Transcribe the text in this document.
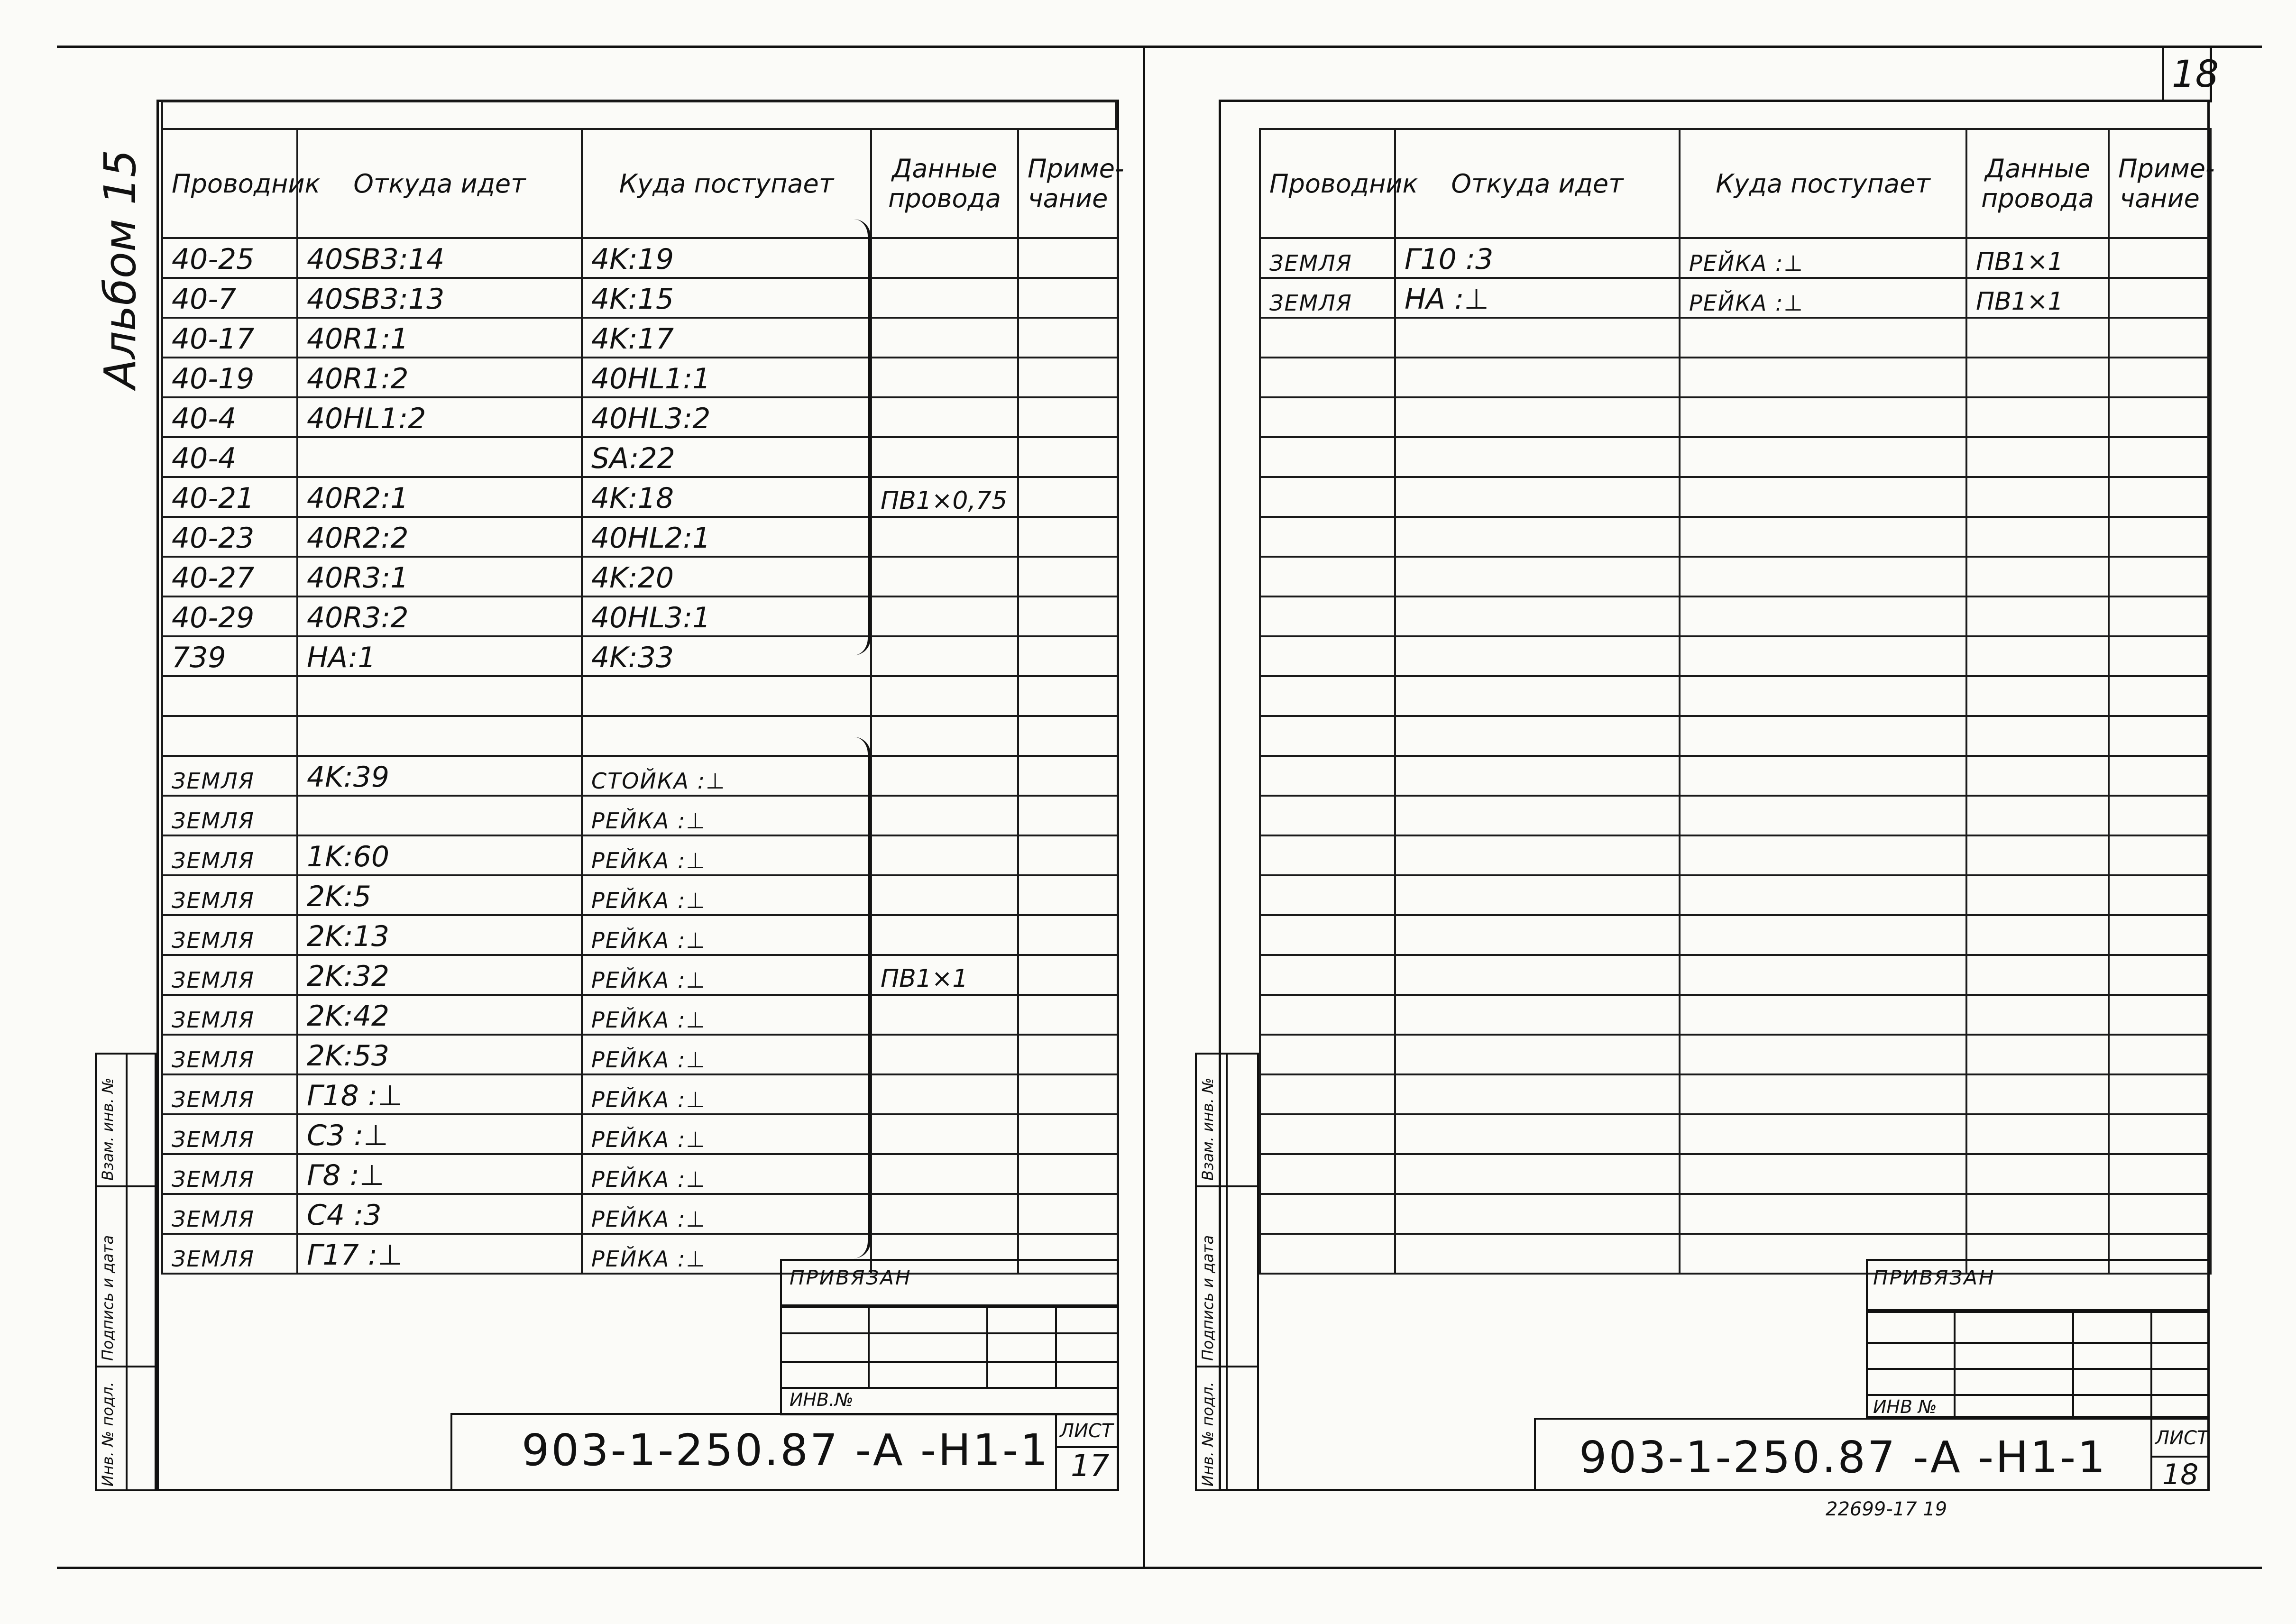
Альбом 15 Проводник	Откуда идет	Куда поступает	Данные
провода	Приме-
чание
40-25	40SB3:14	4K:19		
40-7	40SB3:13	4K:15		
40-17	40R1:1	4K:17		
40-19	40R1:2	40HL1:1		
40-4	40HL1:2	40HL3:2		
40-4		SA:22		
40-21	40R2:1	4K:18	ПВ1×0,75	
40-23	40R2:2	40HL2:1		
40-27	40R3:1	4K:20		
40-29	40R3:2	40HL3:1		
739	HA:1	4K:33		

ЗЕМЛЯ	4K:39	СТОЙКА :⊥		
ЗЕМЛЯ		РЕЙКА :⊥		
ЗЕМЛЯ	1K:60	РЕЙКА :⊥		
ЗЕМЛЯ	2K:5	РЕЙКА :⊥		
ЗЕМЛЯ	2K:13	РЕЙКА :⊥		
ЗЕМЛЯ	2K:32	РЕЙКА :⊥	ПВ1×1	
ЗЕМЛЯ	2K:42	РЕЙКА :⊥		
ЗЕМЛЯ	2K:53	РЕЙКА :⊥		
ЗЕМЛЯ	Г18 :⊥	РЕЙКА :⊥		
ЗЕМЛЯ	C3 :⊥	РЕЙКА :⊥		
ЗЕМЛЯ	Г8 :⊥	РЕЙКА :⊥		
ЗЕМЛЯ	C4 :3	РЕЙКА :⊥		
ЗЕМЛЯ	Г17 :⊥	РЕЙКА :⊥		
Инв. № подл.
Подпись и дата
Взам. инв. №
ПРИВЯЗАН
ИНВ.№
903-1-250.87 -А -Н1-1 ЛИСТ
17
18
Проводник	Откуда идет	Куда поступает	Данные
провода	Приме-
чание
ЗЕМЛЯ	Г10 :3	РЕЙКА :⊥	ПВ1×1	
ЗЕМЛЯ	HA :⊥	РЕЙКА :⊥	ПВ1×1	

Инв. № подл.
Подпись и дата
Взам. инв. №
ПРИВЯЗАН
ИНВ №
903-1-250.87 -А -Н1-1	ЛИСТ
18
22699-17 19
